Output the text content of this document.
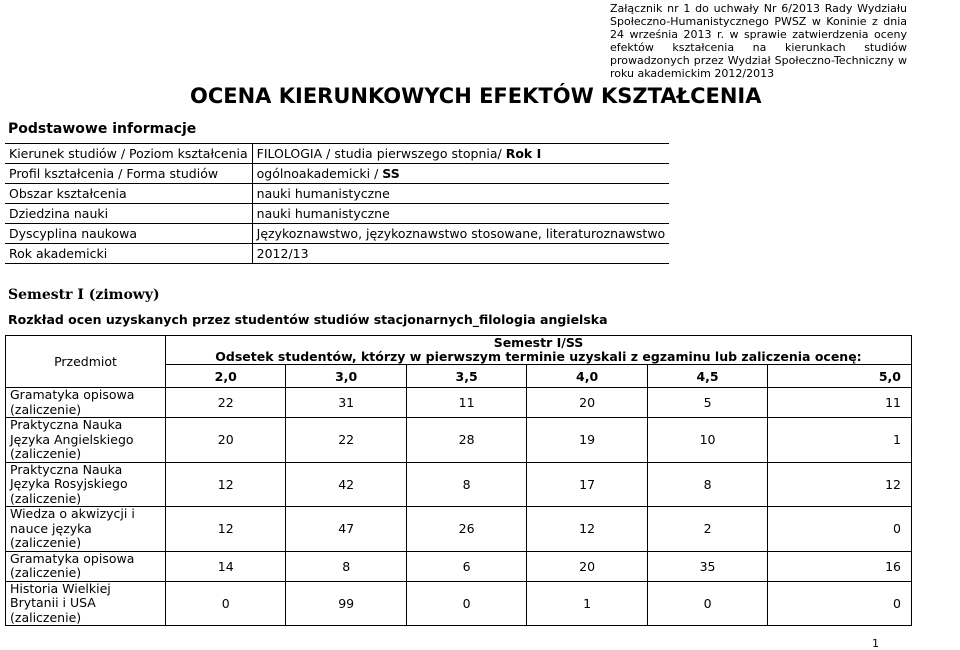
Załącznik nr 1 do uchwały Nr 6/2013 Rady Wydziału Społeczno-Humanistycznego PWSZ w Koninie z dnia 24 września 2013 r. w sprawie zatwierdzenia oceny efektów kształcenia na kierunkach studiów prowadzonych przez Wydział Społeczno-Techniczny w roku akademickim 2012/2013
OCENA KIERUNKOWYCH EFEKTÓW KSZTAŁCENIA
Podstawowe informacje
Kierunek studiów / Poziom kształcenia	FILOLOGIA / studia pierwszego stopnia/ Rok I
Profil kształcenia / Forma studiów	ogólnoakademicki / SS
Obszar kształcenia	nauki humanistyczne
Dziedzina nauki	nauki humanistyczne
Dyscyplina naukowa	Językoznawstwo, językoznawstwo stosowane, literaturoznawstwo
Rok akademicki	2012/13
Semestr I (zimowy)
Rozkład ocen uzyskanych przez studentów studiów stacjonarnych_filologia angielska
Przedmiot	Semestr I/SS
Odsetek studentów, którzy w pierwszym terminie uzyskali z egzaminu lub zaliczenia ocenę:					

	2,0	3,0	3,5	4,0	4,5	5,0
Gramatyka opisowa (zaliczenie)	22	31	11	20	5	11
Praktyczna Nauka Języka Angielskiego (zaliczenie)	20	22	28	19	10	1
Praktyczna Nauka Języka Rosyjskiego (zaliczenie)	12	42	8	17	8	12
Wiedza o akwizycji i nauce języka (zaliczenie)	12	47	26	12	2	0
Gramatyka opisowa (zaliczenie)	14	8	6	20	35	16
Historia Wielkiej Brytanii i USA (zaliczenie)	0	99	0	1	0	0
1
